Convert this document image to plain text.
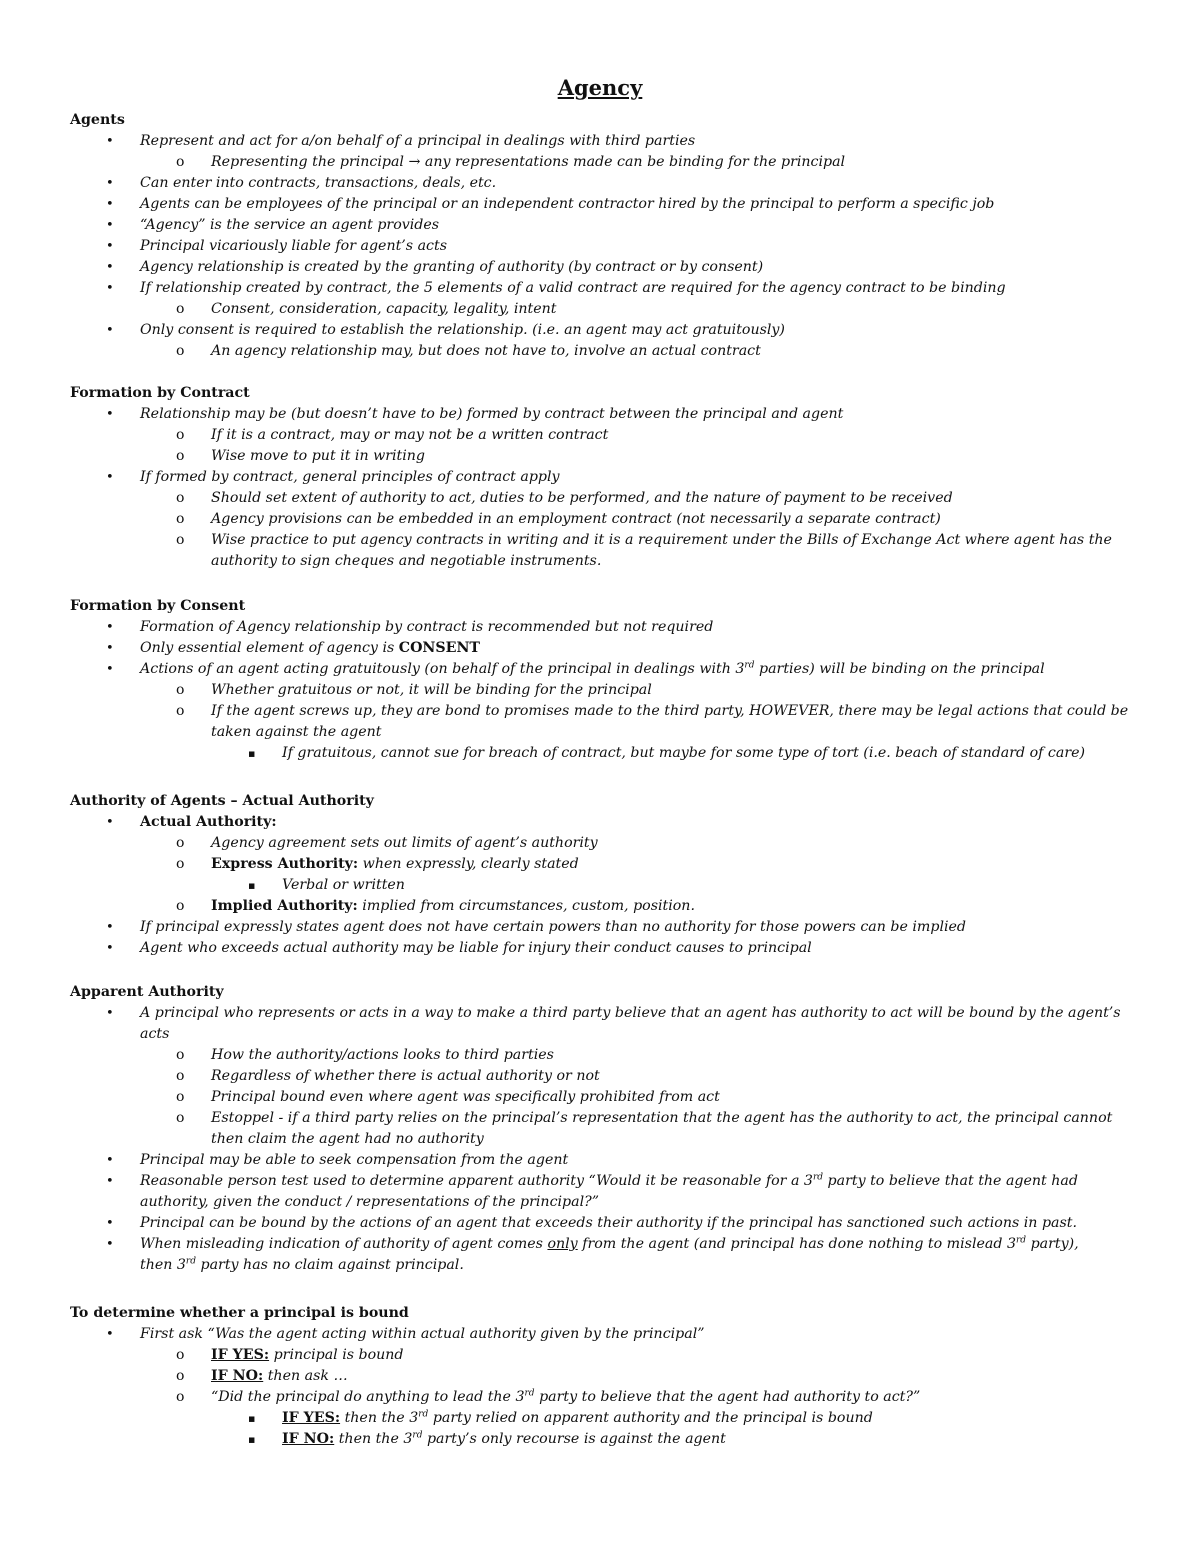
Agency
Agents
• Represent and act for a/on behalf of a principal in dealings with third parties
o Representing the principal → any representations made can be binding for the principal
• Can enter into contracts, transactions, deals, etc.
• Agents can be employees of the principal or an independent contractor hired by the principal to perform a specific job
• “Agency” is the service an agent provides
• Principal vicariously liable for agent’s acts
• Agency relationship is created by the granting of authority (by contract or by consent)
• If relationship created by contract, the 5 elements of a valid contract are required for the agency contract to be binding
o Consent, consideration, capacity, legality, intent
• Only consent is required to establish the relationship. (i.e. an agent may act gratuitously)
o An agency relationship may, but does not have to, involve an actual contract
Formation by Contract
• Relationship may be (but doesn’t have to be) formed by contract between the principal and agent
o If it is a contract, may or may not be a written contract
o Wise move to put it in writing
• If formed by contract, general principles of contract apply
o Should set extent of authority to act, duties to be performed, and the nature of payment to be received
o Agency provisions can be embedded in an employment contract (not necessarily a separate contract)
o Wise practice to put agency contracts in writing and it is a requirement under the Bills of Exchange Act where agent has the
authority to sign cheques and negotiable instruments.
Formation by Consent
• Formation of Agency relationship by contract is recommended but not required
• Only essential element of agency is CONSENT
• Actions of an agent acting gratuitously (on behalf of the principal in dealings with 3rd parties) will be binding on the principal
o Whether gratuitous or not, it will be binding for the principal
o If the agent screws up, they are bond to promises made to the third party, HOWEVER, there may be legal actions that could be
taken against the agent
▪ If gratuitous, cannot sue for breach of contract, but maybe for some type of tort (i.e. beach of standard of care)
Authority of Agents – Actual Authority
• Actual Authority:
o Agency agreement sets out limits of agent’s authority
o Express Authority: when expressly, clearly stated
▪ Verbal or written
o Implied Authority: implied from circumstances, custom, position.
• If principal expressly states agent does not have certain powers than no authority for those powers can be implied
• Agent who exceeds actual authority may be liable for injury their conduct causes to principal
Apparent Authority
• A principal who represents or acts in a way to make a third party believe that an agent has authority to act will be bound by the agent’s
acts
o How the authority/actions looks to third parties
o Regardless of whether there is actual authority or not
o Principal bound even where agent was specifically prohibited from act
o Estoppel - if a third party relies on the principal’s representation that the agent has the authority to act, the principal cannot
then claim the agent had no authority
• Principal may be able to seek compensation from the agent
• Reasonable person test used to determine apparent authority “Would it be reasonable for a 3rd party to believe that the agent had
authority, given the conduct / representations of the principal?”
• Principal can be bound by the actions of an agent that exceeds their authority if the principal has sanctioned such actions in past.
• When misleading indication of authority of agent comes only from the agent (and principal has done nothing to mislead 3rd party),
then 3rd party has no claim against principal.
To determine whether a principal is bound
• First ask “Was the agent acting within actual authority given by the principal”
o IF YES: principal is bound
o IF NO: then ask …
o “Did the principal do anything to lead the 3rd party to believe that the agent had authority to act?”
▪ IF YES: then the 3rd party relied on apparent authority and the principal is bound
▪ IF NO: then the 3rd party’s only recourse is against the agent
